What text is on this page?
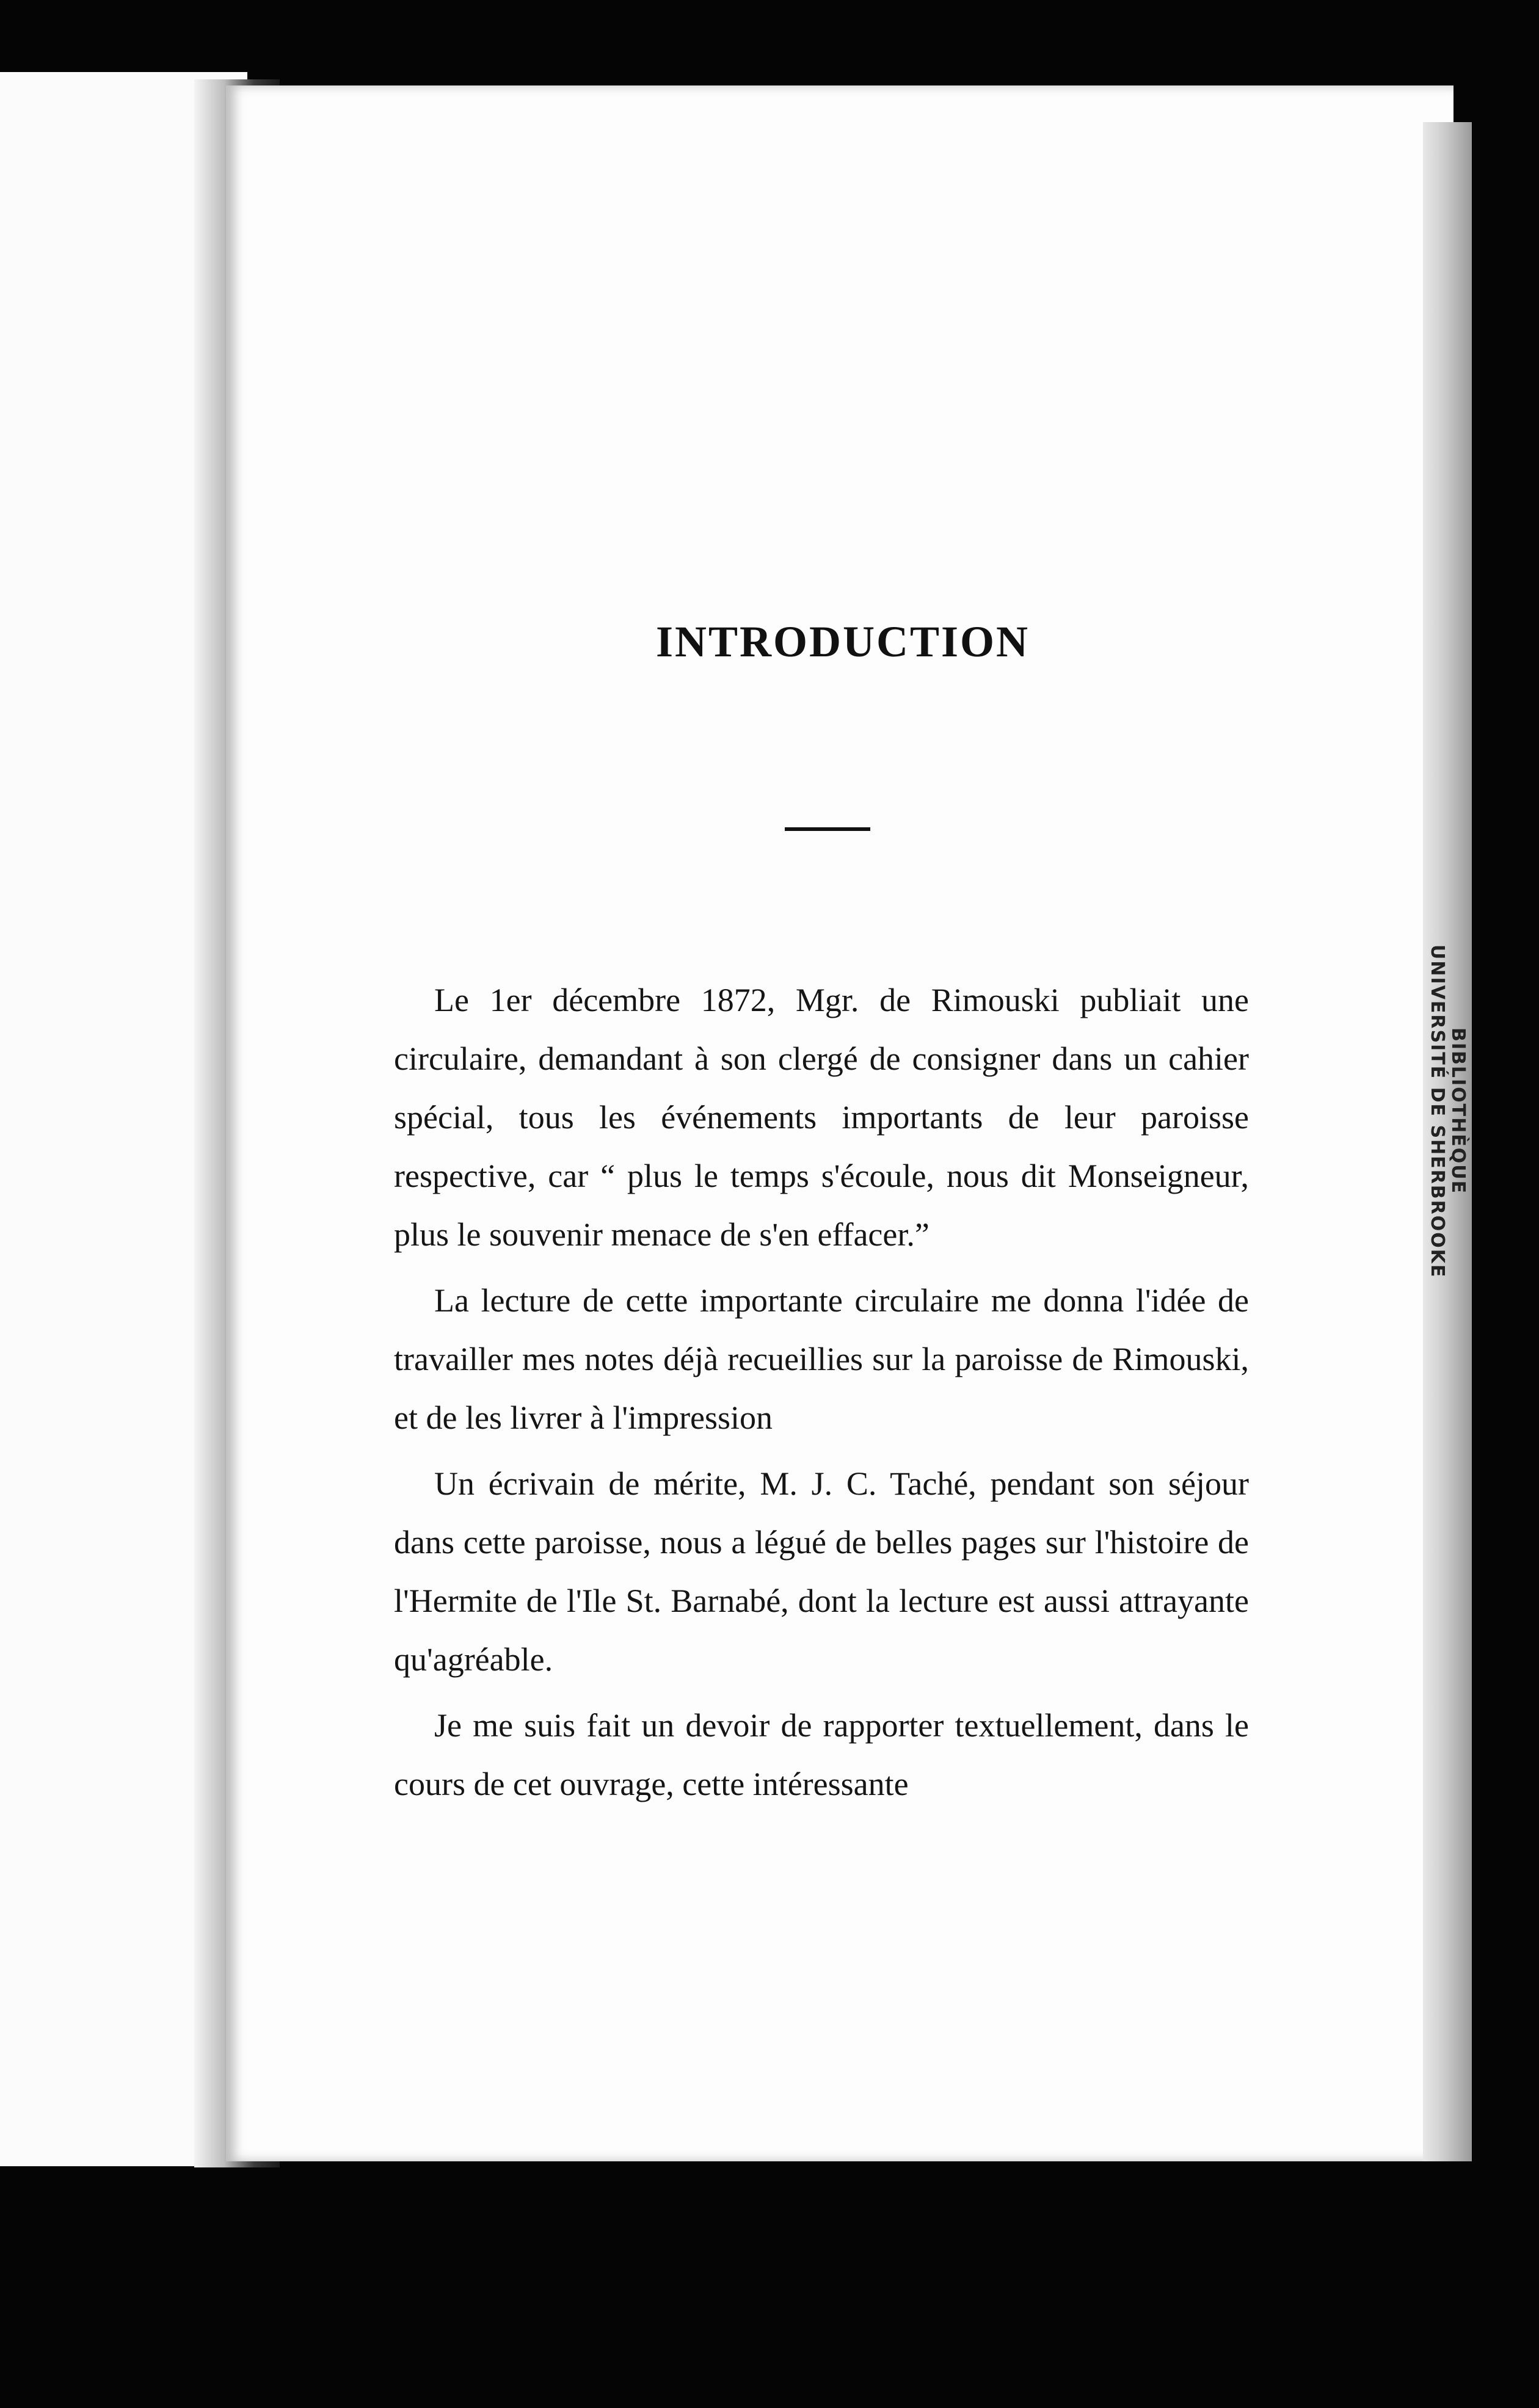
BIBLIOTHÈQUE
UNIVERSITÉ DE SHERBROOKE
INTRODUCTION

Le 1er décembre 1872, Mgr. de Rimouski publiait une circulaire, demandant à son clergé de consigner dans un cahier spécial, tous les événements importants de leur paroisse respective, car “ plus le temps s'écoule, nous dit Monseigneur, plus le souvenir menace de s'en effacer.”

La lecture de cette importante circulaire me donna l'idée de travailler mes notes déjà recueillies sur la paroisse de Rimouski, et de les livrer à l'impression

Un écrivain de mérite, M. J. C. Taché, pendant son séjour dans cette paroisse, nous a légué de belles pages sur l'histoire de l'Hermite de l'Ile St. Barnabé, dont la lecture est aussi attrayante qu'agréable.

Je me suis fait un devoir de rapporter textuellement, dans le cours de cet ouvrage, cette intéressante
